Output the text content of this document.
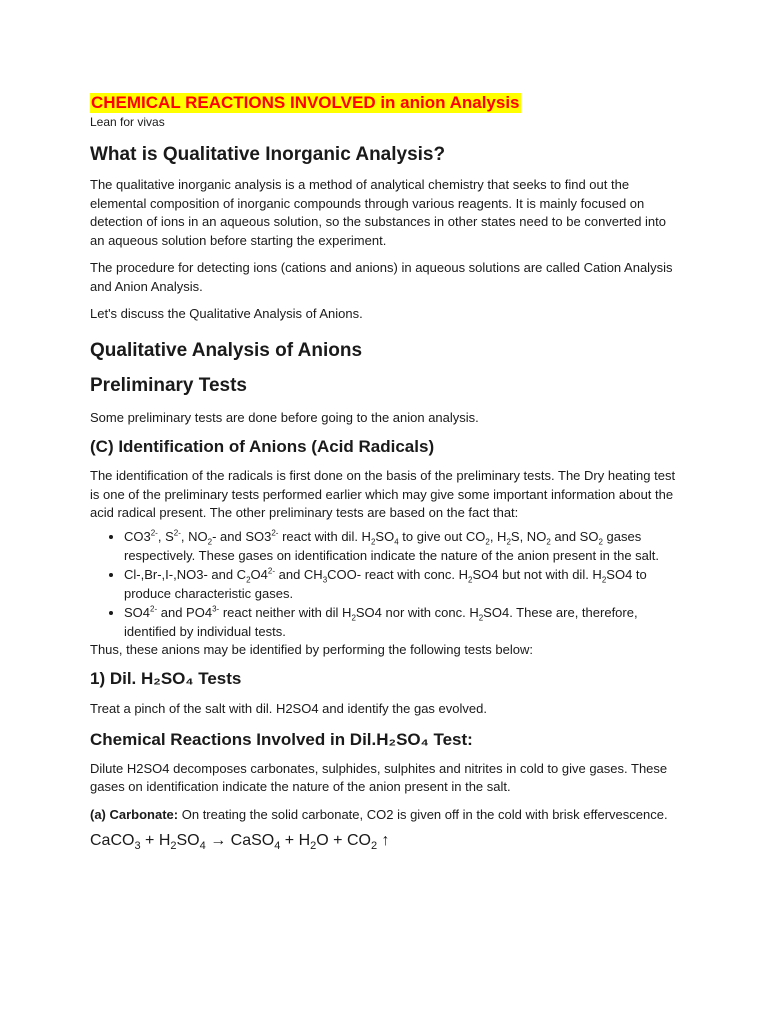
CHEMICAL REACTIONS INVOLVED in anion Analysis

Lean for vivas

What is Qualitative Inorganic Analysis?

The qualitative inorganic analysis is a method of analytical chemistry that seeks to find out the elemental composition of inorganic compounds through various reagents. It is mainly focused on detection of ions in an aqueous solution, so the substances in other states need to be converted into an aqueous solution before starting the experiment.

The procedure for detecting ions (cations and anions) in aqueous solutions are called Cation Analysis and Anion Analysis.

Let's discuss the Qualitative Analysis of Anions.

Qualitative Analysis of Anions
Preliminary Tests

Some preliminary tests are done before going to the anion analysis.

(C) Identification of Anions (Acid Radicals)

The identification of the radicals is first done on the basis of the preliminary tests. The Dry heating test is one of the preliminary tests performed earlier which may give some important information about the acid radical present. The other preliminary tests are based on the fact that:

• $CO3^{2-}$, $S^{2-}$, $NO_2-$ and $SO3^{2-}$ react with dil. $H_2SO_4$ to give out $CO_2$, $H_2S$, $NO_2$ and $SO_2$ gases respectively. These gases on identification indicate the nature of the anion present in the salt.
• Cl-,Br-,I-,NO3- and $C_2O4^{2-}$ and $CH_3COO-$ react with conc. $H_2SO4$ but not with dil. $H_2SO4$ to produce characteristic gases.
• $SO4^{2-}$ and $PO4^{3-}$ react neither with dil $H_2SO4$ nor with conc. $H_2SO4$. These are, therefore, identified by individual tests.

Thus, these anions may be identified by performing the following tests below:

1) Dil. H₂SO₄ Tests

Treat a pinch of the salt with dil. H2SO4 and identify the gas evolved.

Chemical Reactions Involved in Dil.H₂SO₄ Test:

Dilute H2SO4 decomposes carbonates, sulphides, sulphites and nitrites in cold to give gases. These gases on identification indicate the nature of the anion present in the salt.

(a) Carbonate: On treating the solid carbonate, CO2 is given off in the cold with brisk effervescence.

CaCO$_3$ + $H_2SO_4$ → CaSO$_4$ + $H_2O + CO_2$ ↑
